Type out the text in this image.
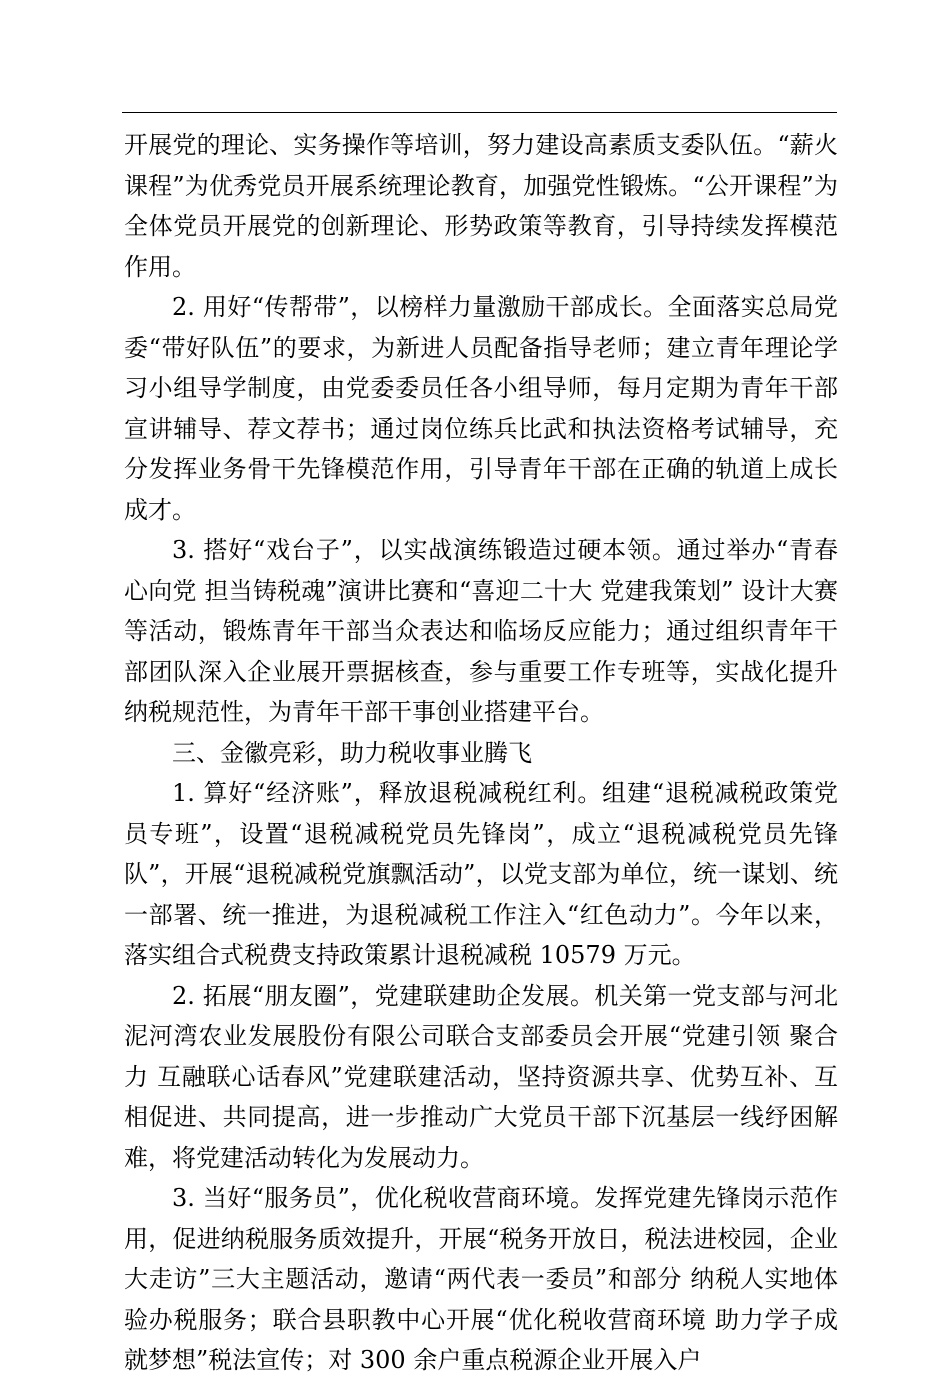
开展党的理论、实务操作等培训，努力建设高素质支委队伍。“薪火课程”为优秀党员开展系统理论教育，加强党性锻炼。“公开课程”为全体党员开展党的创新理论、形势政策等教育，引导持续发挥模范作用。

2. 用好“传帮带”，以榜样力量激励干部成长。全面落实总局党委“带好队伍”的要求，为新进人员配备指导老师；建立青年理论学习小组导学制度，由党委委员任各小组导师，每月定期为青年干部宣讲辅导、荐文荐书；通过岗位练兵比武和执法资格考试辅导，充分发挥业务骨干先锋模范作用，引导青年干部在正确的轨道上成长成才。

3. 搭好“戏台子”，以实战演练锻造过硬本领。通过举办“青春心向党 担当铸税魂”演讲比赛和“喜迎二十大 党建我策划” 设计大赛等活动，锻炼青年干部当众表达和临场反应能力；通过组织青年干部团队深入企业展开票据核查，参与重要工作专班等，实战化提升纳税规范性，为青年干部干事创业搭建平台。

三、金徽亮彩，助力税收事业腾飞

1. 算好“经济账”，释放退税减税红利。组建“退税减税政策党员专班”，设置“退税减税党员先锋岗”，成立“退税减税党员先锋队”，开展“退税减税党旗飘活动”，以党支部为单位，统一谋划、统一部署、统一推进，为退税减税工作注入“红色动力”。今年以来，落实组合式税费支持政策累计退税减税 10579 万元。

2. 拓展“朋友圈”，党建联建助企发展。机关第一党支部与河北泥河湾农业发展股份有限公司联合支部委员会开展“党建引领 聚合力 互融联心话春风”党建联建活动，坚持资源共享、优势互补、互相促进、共同提高，进一步推动广大党员干部下沉基层一线纾困解难，将党建活动转化为发展动力。

3. 当好“服务员”，优化税收营商环境。发挥党建先锋岗示范作用，促进纳税服务质效提升，开展“税务开放日，税法进校园，企业大走访”三大主题活动，邀请“两代表一委员”和部分 纳税人实地体验办税服务；联合县职教中心开展“优化税收营商环境 助力学子成就梦想”税法宣传；对 300 余户重点税源企业开展入户
